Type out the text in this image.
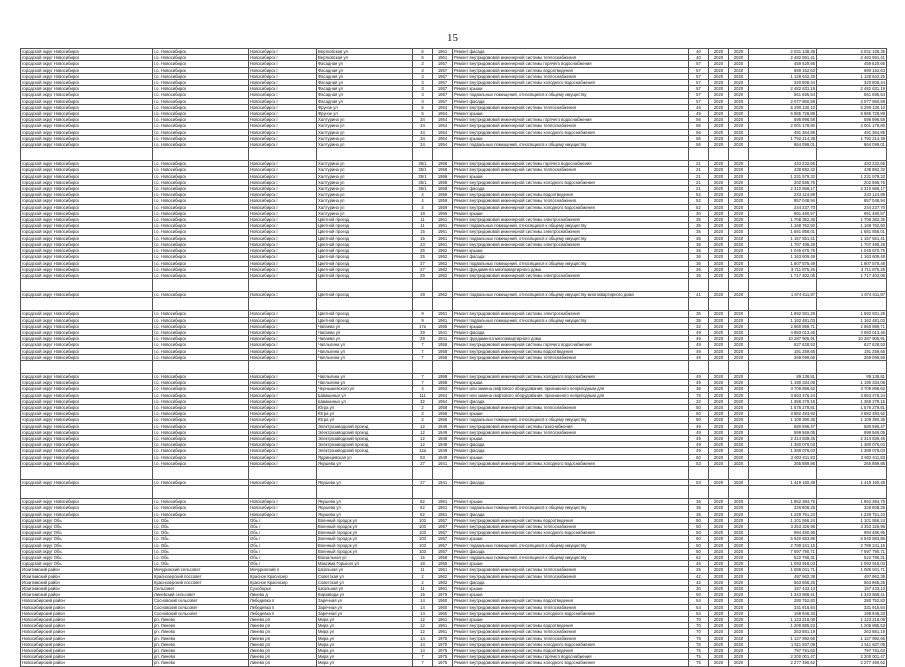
15
городской округ Новосибирск	г.о. Новосибирск	Новосибирск г	Вертковская ул	6	1961	Ремонт фасада	40	2020	2020	2 031 138,35	2 031 138,35
городской округ Новосибирск	г.о. Новосибирск	Новосибирск г	Вертковская ул	6	1961	Ремонт внутридомовой инженерной системы теплоснабжения	40	2020	2020	2 482 591,41	2 482 591,41
городской округ Новосибирск	г.о. Новосибирск	Новосибирск г	Фасадная ул	3	1957	Ремонт внутридомовой инженерной системы горячего водоснабжения	57	2020	2020	459 620,66	459 620,66
городской округ Новосибирск	г.о. Новосибирск	Новосибирск г	Фасадная ул	3	1957	Ремонт внутридомовой инженерной системы водоотведения	57	2020	2020	690 152,63	690 152,63
городской округ Новосибирск	г.о. Новосибирск	Новосибирск г	Фасадная ул	3	1957	Ремонт внутридомовой инженерной системы теплоснабжения	57	2020	2020	1 128 642,25	1 128 642,25
городской округ Новосибирск	г.о. Новосибирск	Новосибирск г	Фасадная ул	3	1957	Ремонт внутридомовой инженерной системы холодного водоснабжения	57	2020	2020	320 808,44	320 808,44
городской округ Новосибирск	г.о. Новосибирск	Новосибирск г	Фасадная ул	3	1957	Ремонт крыши	57	2020	2020	2 482 631,19	2 482 631,19
городской округ Новосибирск	г.о. Новосибирск	Новосибирск г	Фасадная ул	3	1957	Ремонт подвальных помещений, относящихся к общему имуществу	57	2020	2020	561 695,54	561 695,54
городской округ Новосибирск	г.о. Новосибирск	Новосибирск г	Фасадная ул	3	1957	Ремонт фасада	57	2020	2020	2 077 860,59	2 077 860,59
городской округ Новосибирск	г.о. Новосибирск	Новосибирск г	Фрунзе ул	5	1954	Ремонт внутридомовой инженерной системы теплоснабжения	45	2020	2020	5 290 130,10	5 290 130,10
городской округ Новосибирск	г.о. Новосибирск	Новосибирск г	Фрунзе ул	5	1954	Ремонт крыши	45	2020	2020	6 985 728,89	6 985 728,89
городской округ Новосибирск	г.о. Новосибирск	Новосибирск г	Халтурина ул	34	1954	Ремонт внутридомовой инженерной системы горячего водоснабжения	56	2020	2020	596 996,58	596 996,58
городской округ Новосибирск	г.о. Новосибирск	Новосибирск г	Халтурина ул	34	1954	Ремонт внутридомовой инженерной системы теплоснабжения	56	2020	2020	2 001 178,80	2 001 178,80
городской округ Новосибирск	г.о. Новосибирск	Новосибирск г	Халтурина ул	34	1954	Ремонт внутридомовой инженерной системы холодного водоснабжения	56	2020	2020	491 364,86	491 364,86
городской округ Новосибирск	г.о. Новосибирск	Новосибирск г	Халтурина ул	34	1954	Ремонт крыши	56	2020	2020	1 792 214,39	1 792 214,39
городской округ Новосибирск	г.о. Новосибирск	Новосибирск г	Халтурина ул	34	1954	Ремонт подвальных помещений, относящихся к общему имуществу	56	2020	2020	664 099,01	664 099,01

городской округ Новосибирск	г.о. Новосибирск	Новосибирск г	Халтурина ул	35/1	1958	Ремонт внутридомовой инженерной системы горячего водоснабжения	21	2020	2020	433 232,65	433 232,65
городской округ Новосибирск	г.о. Новосибирск	Новосибирск г	Халтурина ул	35/1	1958	Ремонт внутридомовой инженерной системы теплоснабжения	21	2020	2020	438 882,32	438 882,32
городской округ Новосибирск	г.о. Новосибирск	Новосибирск г	Халтурина ул	35/1	1958	Ремонт крыши	21	2020	2020	1 231 579,32	1 231 579,32
городской округ Новосибирск	г.о. Новосибирск	Новосибирск г	Халтурина ул	35/1	1958	Ремонт внутридомовой инженерной системы холодного водоснабжения	21	2020	2020	202 585,76	202 585,76
городской округ Новосибирск	г.о. Новосибирск	Новосибирск г	Халтурина ул	35/1	1958	Ремонт фасада	21	2020	2020	2 310 868,17	2 310 868,17
городской округ Новосибирск	г.о. Новосибирск	Новосибирск г	Халтурина ул	4	1959	Ремонт внутридомовой инженерной системы водоотведения	52	2020	2020	233 124,89	233 124,89
городской округ Новосибирск	г.о. Новосибирск	Новосибирск г	Халтурина ул	4	1959	Ремонт внутридомовой инженерной системы теплоснабжения	52	2020	2020	857 048,94	857 048,94
городской округ Новосибирск	г.о. Новосибирск	Новосибирск г	Халтурина ул	4	1959	Ремонт внутридомовой инженерной системы холодного водоснабжения	52	2020	2020	244 237,70	244 237,70
городской округ Новосибирск	г.о. Новосибирск	Новосибирск г	Халтурина ул	18	1959	Ремонт крыши	30	2020	2020	991 480,57	991 480,57
городской округ Новосибирск	г.о. Новосибирск	Новосибирск г	Цветной проезд	11	1961	Ремонт внутридомовой инженерной системы электроснабжения	35	2020	2020	1 708 362,35	1 708 362,35
городской округ Новосибирск	г.о. Новосибирск	Новосибирск г	Цветной проезд	11	1961	Ремонт подвальных помещений, относящихся к общему имуществу	35	2020	2020	1 168 762,50	1 168 762,50
городской округ Новосибирск	г.о. Новосибирск	Новосибирск г	Цветной проезд	15	1961	Ремонт внутридомовой инженерной системы электроснабжения	35	2020	2020	1 681 858,01	1 681 858,01
городской округ Новосибирск	г.о. Новосибирск	Новосибирск г	Цветной проезд	15	1961	Ремонт подвальных помещений, относящихся к общему имуществу	35	2020	2020	1 157 551,41	1 157 551,41
городской округ Новосибирск	г.о. Новосибирск	Новосибирск г	Цветной проезд	23	1961	Ремонт внутридомовой инженерной системы электроснабжения	36	2020	2020	1 707 496,28	1 707 496,28
городской округ Новосибирск	г.о. Новосибирск	Новосибирск г	Цветной проезд	25	1962	Ремонт крыши	36	2020	2020	1 045 670,75	1 045 670,75
городской округ Новосибирск	г.о. Новосибирск	Новосибирск г	Цветной проезд	25	1962	Ремонт фасада	36	2020	2020	1 163 609,49	1 163 609,49
городской округ Новосибирск	г.о. Новосибирск	Новосибирск г	Цветной проезд	27	1962	Ремонт подвальных помещений, относящихся к общему имуществу	36	2020	2020	1 607 575,49	1 607 575,49
городской округ Новосибирск	г.о. Новосибирск	Новосибирск г	Цветной проезд	27	1962	Ремонт фундамента многоквартирного дома	36	2020	2020	3 711 875,25	3 711 875,25
городской округ Новосибирск	г.о. Новосибирск	Новосибирск г	Цветной проезд	29	1962	Ремонт внутридомовой инженерной системы электроснабжения	36	2020	2020	1 717 402,06	1 717 402,06

городской округ Новосибирск	г.о. Новосибирск	Новосибирск г	Цветной проезд	29	1962	Ремонт подвальных помещений, относящихся к общему имуществу многоквартирного дома	41	2020	2020	1 674 611,87	1 674 611,87

городской округ Новосибирск	г.о. Новосибирск	Новосибирск г	Цветной проезд	9	1961	Ремонт внутридомовой инженерной системы электроснабжения	35	2020	2020	1 692 931,26	1 692 931,26
городской округ Новосибирск	г.о. Новосибирск	Новосибирск г	Цветной проезд	9	1961	Ремонт подвальных помещений, относящихся к общему имуществу	35	2020	2020	1 162 481,03	1 162 481,03
городской округ Новосибирск	г.о. Новосибирск	Новосибирск г	Чапаева ул	17а	1955	Ремонт крыши	32	2020	2020	2 660 899,71	2 660 899,71
городской округ Новосибирск	г.о. Новосибирск	Новосибирск г	Чапаева ул	29	1941	Ремонт фасада	49	2020	2020	4 993 013,46	4 993 013,46
городской округ Новосибирск	г.о. Новосибирск	Новосибирск г	Чапаева ул	29	1941	Ремонт фундамента многоквартирного дома	49	2020	2020	10 287 905,91	10 287 905,91
городской округ Новосибирск	г.о. Новосибирск	Новосибирск г	Чаплыгина ул	7	1958	Ремонт внутридомовой инженерной системы горячего водоснабжения	49	2020	2020	627 628,53	627 628,53
городской округ Новосибирск	г.о. Новосибирск	Новосибирск г	Чаплыгина ул	7	1958	Ремонт внутридомовой инженерной системы водоотведения	49	2020	2020	191 259,65	191 259,65
городской округ Новосибирск	г.о. Новосибирск	Новосибирск г	Чаплыгина ул	7	1958	Ремонт внутридомовой инженерной системы теплоснабжения	49	2020	2020	269 099,66	269 099,66

городской округ Новосибирск	г.о. Новосибирск	Новосибирск г	Чаплыгина ул	7	1958	Ремонт внутридомовой инженерной системы холодного водоснабжения	49	2020	2020	89 138,81	89 138,81
городской округ Новосибирск	г.о. Новосибирск	Новосибирск г	Чаплыгина ул	7	1958	Ремонт крыши	49	2020	2020	1 190 334,08	1 190 334,08
городской округ Новосибирск	г.о. Новосибирск	Новосибирск г	Чернышевского ул	4	1953	Ремонт или замена лифтового оборудования, признанного непригодным для	36	2020	2020	3 709 896,62	3 709 896,62
городской округ Новосибирск	г.о. Новосибирск	Новосибирск г	Шамшиных ул	111	1954	Ремонт или замена лифтового оборудования, признанного непригодным для	75	2020	2020	3 663 476,24	3 663 476,24
городской округ Новосибирск	г.о. Новосибирск	Новосибирск г	Шамшиных ул	32	1954	Ремонт фасада	32	2020	2020	1 358 279,15	1 358 279,15
городской округ Новосибирск	г.о. Новосибирск	Новосибирск г	Югра ул	2	1958	Ремонт внутридомовой инженерной системы теплоснабжения	50	2020	2020	1 576 278,81	1 576 278,81
городской округ Новосибирск	г.о. Новосибирск	Новосибирск г	Югра ул	2	1958	Ремонт крыши	50	2020	2020	3 882 483,92	3 882 483,92
городской округ Новосибирск	г.о. Новосибирск	Новосибирск г	Югра ул	2	1958	Ремонт подвальных помещений, относящихся к общему имуществу	50	2020	2020	1 109 390,35	1 109 390,35
городской округ Новосибирск	г.о. Новосибирск	Новосибирск г	Электрозаводский проезд	12	1949	Ремонт внутридомовой инженерной системы газоснабжения	49	2020	2020	580 596,47	580 596,47
городской округ Новосибирск	г.о. Новосибирск	Новосибирск г	Электрозаводский проезд	12	1949	Ремонт внутридомовой инженерной системы теплоснабжения	49	2020	2020	999 569,05	999 569,05
городской округ Новосибирск	г.о. Новосибирск	Новосибирск г	Электрозаводский проезд	12	1949	Ремонт крыши	49	2020	2020	2 314 839,45	2 314 839,45
городской округ Новосибирск	г.о. Новосибирск	Новосибирск г	Электрозаводский проезд	12	1949	Ремонт фасада	49	2020	2020	1 380 076,03	1 380 076,03
городской округ Новосибирск	г.о. Новосибирск	Новосибирск г	Электрозаводский проезд	12а	1949	Ремонт фасада	49	2020	2020	1 389 076,03	1 389 076,03
городской округ Новосибирск	г.о. Новосибирск	Новосибирск г	Ядринцевская ул	53	1949	Ремонт крыши	60	2020	2020	2 602 611,83	2 602 611,83
городской округ Новосибирск	г.о. Новосибирск	Новосибирск г	Якушева ул	27	1941	Ремонт внутридомовой инженерной системы холодного водоснабжения	53	2020	2020	265 889,86	265 889,86

городской округ Новосибирск	г.о. Новосибирск	Новосибирск г	Якушева ул	27	1941	Ремонт фасада	53	2020	2020	1 419 160,48	1 419 160,48

городской округ Новосибирск	г.о. Новосибирск	Новосибирск г	Якушева ул	62	1961	Ремонт крыши	36	2020	2020	1 852 394,75	1 852 394,75
городской округ Новосибирск	г.о. Новосибирск	Новосибирск г	Якушева ул	62	1961	Ремонт подвальных помещений, относящихся к общему имуществу	36	2020	2020	326 808,25	326 808,25
городской округ Новосибирск	г.о. Новосибирск	Новосибирск г	Якушева ул	62	1961	Ремонт фасада	36	2020	2020	1 229 751,23	1 229 751,23
городской округ Обь	г.о. Обь	Обь г	Военный городок ул	103	1957	Ремонт внутридомовой инженерной системы водоотведения	50	2020	2020	1 101 556,24	1 101 556,24
городской округ Обь	г.о. Обь	Обь г	Военный городок ул	103	1957	Ремонт внутридомовой инженерной системы теплоснабжения	50	2020	2020	3 353 326,96	3 353 326,96
городской округ Обь	г.о. Обь	Обь г	Военный городок ул	103	1957	Ремонт внутридомовой инженерной системы холодного водоснабжения	50	2020	2020	994 480,95	994 480,95
городской округ Обь	г.о. Обь	Обь г	Военный городок ул	103	1957	Ремонт крыши	50	2020	2020	5 940 883,86	5 940 883,86
городской округ Обь	г.о. Обь	Обь г	Военный городок ул	103	1957	Ремонт подвальных помещений, относящихся к общему имуществу	50	2020	2020	2 789 241,15	2 789 241,15
городской округ Обь	г.о. Обь	Обь г	Военный городок ул	103	1957	Ремонт фасада	50	2020	2020	7 697 790,71	7 697 790,71
городской округ Обь	г.о. Обь	Обь г	Вокзальная ул	15	1958	Ремонт подвальных помещений, относящихся к общему имуществу	62	2020	2020	522 786,31	522 786,31
городской округ Обь	г.о. Обь	Обь г	Максима Горького ул	18	1955	Ремонт крыши	45	2020	2020	1 093 918,03	1 093 918,03
Искитимский район	Мичуринский сельсовет	Мичуринский п	Школьная ул	11	1961	Ремонт внутридомовой инженерной системы теплоснабжения	25	2020	2020	1 086 041,71	1 086 041,71
Искитимский район	Краснозерский поссовет	Красное Краснозер	Советская ул	2	1962	Ремонт внутридомовой инженерной системы теплоснабжения	42	2020	2020	497 962,39	497 962,39
Искитимский район	Краснозерский поссовет	Красное Краснозер	Советская ул	2	1962	Ремонт фасада	42	2020	2020	563 866,25	563 866,25
Искитимский район	Сельсовет	Сухоборье	Школьная ул	11	1961	Ремонт крыши	30	2020	2020	157 433,13	157 433,13
Искитимский район	Линевский сельсовет	Линево д	Кирзавода ул	15	1975	Ремонт крыши	50	2020	2020	1 343 868,41	1 343 868,41
Новосибирский район	Сосновский сельсовет	Лебедевка п	Заречная ул	14	1960	Ремонт внутридомовой инженерной системы водоотведения	54	2020	2020	280 752,83	280 752,83
Новосибирский район	Сосновский сельсовет	Лебедевка п	Заречная ул	14	1960	Ремонт внутридомовой инженерной системы теплоснабжения	54	2020	2020	331 916,84	331 916,84
Новосибирский район	Сосновский сельсовет	Лебедевка п	Заречная ул	14	1960	Ремонт внутридомовой инженерной системы холодного водоснабжения	54	2020	2020	198 946,33	198 946,33
Новосибирский район	рп. Линево	Линево рп	Мира ул	12	1961	Ремонт крыши	70	2020	2020	1 123 218,09	1 123 218,09
Новосибирский район	рп. Линево	Линево рп	Мира ул	12	1961	Ремонт внутридомовой инженерной системы водоотведения	70	2020	2020	1 206 885,53	1 206 885,53
Новосибирский район	рп. Линево	Линево рп	Мира ул	12	1961	Ремонт внутридомовой инженерной системы теплоснабжения	70	2020	2020	263 881,19	263 881,19
Новосибирский район	рп. Линево	Линево рп	Мира ул	14	1975	Ремонт внутридомовой инженерной системы теплоснабжения	75	2020	2020	1 127 992,66	1 127 992,66
Новосибирский район	рп. Линево	Линево рп	Мира ул	14	1975	Ремонт внутридомовой инженерной системы холодного водоснабжения	75	2020	2020	1 511 837,09	1 511 837,09
Новосибирский район	рп. Линево	Линево рп	Мира ул	14	1975	Ремонт внутридомовой инженерной системы водоотведения	75	2020	2020	797 781,63	797 781,63
Новосибирский район	рп. Линево	Линево рп	Мира ул	7	1975	Ремонт внутридомовой инженерной системы горячего водоснабжения	75	2020	2020	2 200 001,47	2 200 001,47
Новосибирский район	рп. Линево	Линево рп	Мира ул	7	1975	Ремонт внутридомовой инженерной системы холодного водоснабжения	75	2020	2020	2 277 490,62	2 277 490,62
